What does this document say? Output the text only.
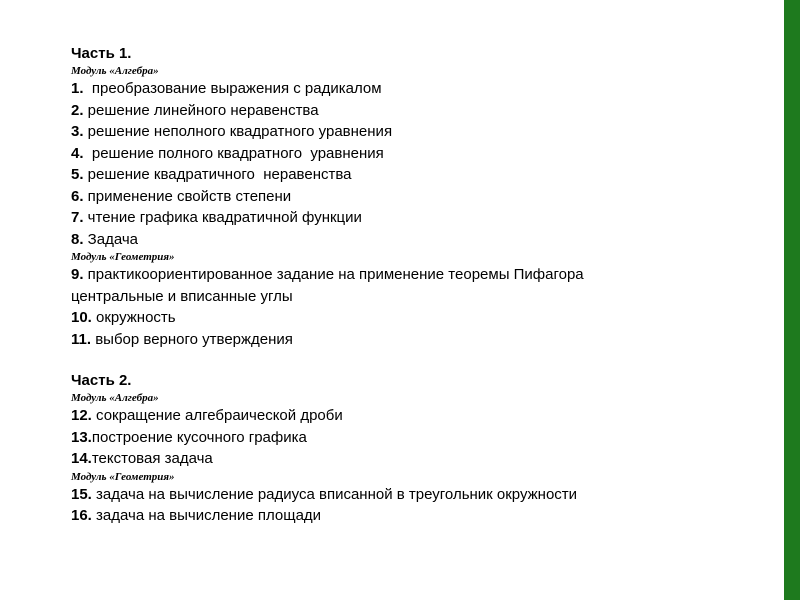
Часть 1.
Модуль «Алгебра»
1.  преобразование выражения с радикалом
2. решение линейного неравенства
3. решение неполного квадратного уравнения
4.  решение полного квадратного  уравнения
5. решение квадратичного  неравенства
6. применение свойств степени
7. чтение графика квадратичной функции
8. Задача
Модуль «Геометрия»
9. практикоориентированное задание на применение теоремы Пифагора
центральные и вписанные углы
10. окружность
11. выбор верного утверждения
Часть 2.
Модуль «Алгебра»
12. сокращение алгебраической дроби
13.построение кусочного графика
14.текстовая задача
Модуль «Геометрия»
15. задача на вычисление радиуса вписанной в треугольник окружности
16. задача на вычисление площади
